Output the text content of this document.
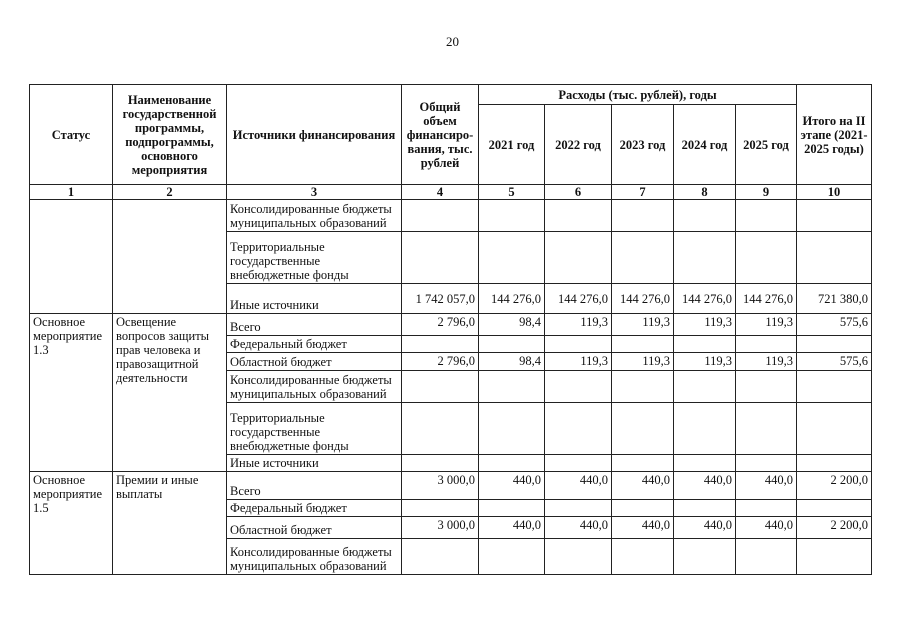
20
Статус	Наименование государственной программы, подпрограммы, основного мероприятия	Источники финансирования	Общий объем финансиро-вания, тыс. рублей	Расходы (тыс. рублей), годы					Итого на II этапе (2021-2025 годы)
				2021 год	2022 год	2023 год	2024 год	2025 год	
1	2	3	4	5	6	7	8	9	10
		Консолидированные бюджеты муниципальных образований							
		Территориальные государственные внебюджетные фонды							
		Иные источники	1 742 057,0	144 276,0	144 276,0	144 276,0	144 276,0	144 276,0	721 380,0
Основное мероприятие 1.3	Освещение вопросов защиты прав человека и правозащитной деятельности	Всего	2 796,0	98,4	119,3	119,3	119,3	119,3	575,6
		Федеральный бюджет							
		Областной бюджет	2 796,0	98,4	119,3	119,3	119,3	119,3	575,6
		Консолидированные бюджеты муниципальных образований							
		Территориальные государственные внебюджетные фонды							
		Иные источники							
Основное мероприятие 1.5	Премии и иные выплаты	Всего	3 000,0	440,0	440,0	440,0	440,0	440,0	2 200,0
		Федеральный бюджет							
		Областной бюджет	3 000,0	440,0	440,0	440,0	440,0	440,0	2 200,0
		Консолидированные бюджеты муниципальных образований							
